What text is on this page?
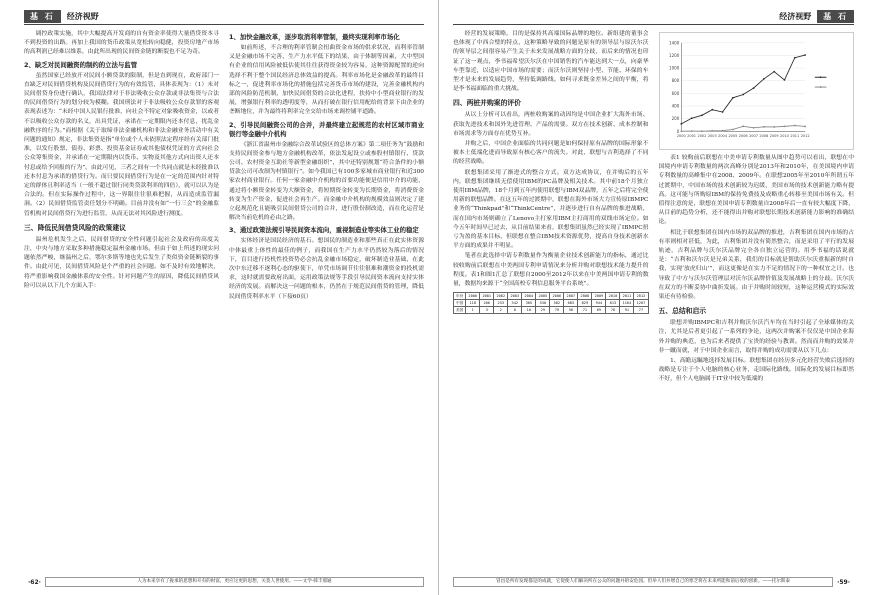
基 石	经济视野

调控政策实施，其中大幅提高开发商的自有资金率使得大量借贷资本寻不到投资的出路。再加上我国的货币政策从宽松转向稳健，投资房地产市场的高利润已经难以维系，由此所出现的民间资金链的断裂也不足为奇。

2、缺乏对民间融资的制约的立法与监管

虽然国家已经放开对民间小额贷款的限制，但是直到现在，政府部门一直缺乏对民间借贷机构及民间借贷行为的有效监管，具体表现为：（1）未对民间借贷身份进行确认，我国法律对于非法吸收公众存款或非法集资与合法的民间借贷行为的划分较为模糊。我国刑法对于非法吸收公众存款罪的客观表现表述为：“未经中国人民银行批准，向社会不特定对象吸收资金，以或者不以吸收公众存款的名义，出具凭证，承诺在一定期限内还本付息，扰乱金融秩序的行为。”而根据《关于取缔非法金融机构和非法金融业务活动中有关问题的通知》规定，非法集资是指“单位或个人未依照法定程序经有关部门批准，以发行股票、债券、彩票、投资基金证券或其他债权凭证的方式向社会公众筹集资金，并承诺在一定期限内以货币、实物及其他方式向出资人还本付息或给予回报的行为”。由此可见，三者之间有一个共同点就是未经批准以还本付息为承诺的借贷行为。而只要民间借贷行为是在一定的范围内针对特定的群体且利率适当（一般不超过银行同类贷款利率的四倍），就可以认为是合法的。但在实际操作过程中，这一界限往往很难把握，从而造成监管漏洞。（2）民间借贷监管责任划分不明确。目前并没有如“一行三会”的金融监管机构对民间借贷行为进行监管，从而无法对其风险进行测度。

三、降低民间借贷风险的政策建议

温州危机发生之后，民间借贷的安全性问题引起社会及政府的高度关注，中央与地方采取多种措施稳定温州金融市场。但由于如上所述的现实问题依然严峻，继温州之后，鄂尔多斯等地也先后发生了类似资金链断裂的事件。由此可见，民间借贷风险是个严重的社会问题。如不及时有效地解决，将严重影响我国金融体系的安全性。针对问题产生的原因，降低民间借贷风险可以从以下几个方面入手：

1、加快金融改革，逐步取消利率管制，最终实现利率市场化

如前所述，不合理的利率管制会扭曲资金市场的供求状况，而利率管制又是金融市场不完善、生产力水平低下的结果，由于体制等因素，大中型国有企业的信用风险被低估使其往往获得资金较为容易，这种资源配置的逆向选择不利于整个国民经济总体效益的提高。利率市场化是金融改革的最终目标之一，促进利率市场化的措施包括完善货币市场的建设，完善金融机构内部的风险防范机制，加快民间借贷的合法化进程，扶持中小型商业银行的发展，增强银行利率的透明度等，从而打破在银行信用配给的背景下由企业的垄断地位，并为最终将利率完全交给市场来调控铺平道路。

2、引导民间融资公司的合并，并最终建立起规范的农村区域市商业银行等金融中介机构

《浙江省温州市金融综合改革试验区的总体方案》第二项任务为“鼓励和支持民间资金参与地方金融机构改革，依法发起设立或参股村镇银行、贷款公司、农村资金互助社等新型金融组织”，其中还特别规划“符合条件的小额贷款公司可改制为村镇银行”。如今我国已有100多家城市商业银行和近300家农村商业银行。任何一家金融中介机构的首要功能便是信用中介的功能，通过将小额资金转变为大额资金，将短期资金转变为长期资金，将消费资金转变为生产资金，促进社会再生产。而金融中介机构的规模效益则决定了建立起规范化且能吸引民间借贷公司的合并，进行股份制改造，而在化运营是解决当前危机的必由之路。

3、通过政策法规引导民间资本流向，重视制造业等实体工业的稳定

实体经济是国民经济的基石。想国民的制造业和那些真正在此实体资源中体最重上体性的最佳的例子，而我国在生产力水平仍然较为落后的情况下，盲目进行投机性投资势必会抗乱金融市场稳定，破坏制造业基础，在此次中东迁移不逐利心态的驱使下，单凭市场调节往往很难和潮资金的投机需求，这时就需要政府出面，运用政策法规等手段引导民间资本流向支持实体经济的发展。而解决这一问题的根本，仍然在于规范民间借贷的管理，降低民间借贷利率水平（下接60页）

·62·	人为本来享有了拢承的思想和开有的财富，更应这更的思想，关莫人世使用。——文学·韩丰那通
经济视野	基 石

经营的发展策略，目的是保持其高端国际品牌的地位。新组建的董事会也体现了中西合璧的特点，这种策略导致的问题是原有的领导层与原沃尔沃的领导层之间很容易产生关于未来发展战略方面的分歧，而后来的情况也印证了这一观点，李书福希望沃尔沃在中国销售的汽车能达到大一点，向豪华车型靠近，以适应中国市场的需要；而沃尔沃则坚持小型、节能、环保的车型才是未来的发展趋势，坚持低调路线。如何寻求既金差异之间的平衡，将是李书福面临的重大挑战。

四、两桩并购案的评价

从以上分析可以看出，两桩收购案的动因均是中国企业扩大海外市场、获取先进技术和国外先进管理、产品的需要。双方在技术创新、成本控制和市场需求等方面存在优势互补。

并购之后，中国企业面临的共同问题是如何保持原有品牌的国际形象不被本土低端化进而导致原有核心客户的流失。对此，联想与吉利选择了不同的经营战略。

联想集团采用了渐进式的整合方式。双方达成协议，在并购后的五年内，联想集团继续无偿使用IBM的PC品牌及相关技术。其中前18个月独立使用IBM品牌，18个月到五年内使用联想与IBM双品牌，五年之后将完全使用新的联想品牌。在这五年的过渡期中，联想在海外市场大力宣传原IBMPC业务的“Thinkpad”和“ThinkCentre”，并逐步进行自有品牌的推进战略，而在国内市场则确立了Lenovo主打家用IBM主打商用的双线市场定位。如今五年时间早已过去，从目前结果来看，联想集团虽然已经实现了IBMPC扭亏为盈的基本目标，但联想在整合IBM技术资源优势，提高自身技术创新水平方面的成果并不明显。

笔者在此选择中请专利数量作为衡量企业技术创新能力的指标，通过比较收购前后联想在中美两国专利申请情况来分析并购对联想技术能力提升的程度。表1和图1汇总了联想自2000至2012年以来在中美两国申请专利的数量，数据均来源于“全国高校专利信息服务平台系统”。

年份	2000	2001	2002	2003	2004	2005	2006	2007	2008	2009	2010	2011	2012
中国	118	206	253	342	305	530	582	683	829	944	813	1164	1207
美国	1	3	2	8	10	29	79	56	71	69	78	91	77
0
200
400
600
800
1000
1200
1400
2000 2001 2002 2003 2004 2005 2006 2007 2008 2009 2010 2011 2012

表1 较购前后联想在中美申请专利数量从图中趋势可以看出，联想在中国境内申请专利数量的两次高峰分别是2013年和2010年，在美国境内申请专利数量的高峰集中在2008、2009年。在联想2005年至2010年所谓五年过渡期中，中国市场的技术创新较为迟缓，美国市场的技术创新能力略有提高。这可能与所购原IBM的保持免费技及成略重心转移至美国市场有关。但值得注意的是，联想在美国申请专利数量自2008年后一直有较大幅度下降，从目前的趋势分析，还不能得出并购对联想长期技术创新能力影响的准确结论。

相比于联想集团在国内市场的双品牌的推进，吉利集团在国内市场的占有率则相对甚低，为此，吉利集团并没有简然整合，而是采用了平行的发展轨迹，吉利品牌与沃尔沃品牌完全各自独立运营的。用李书福的话说就是：“吉利和沃尔沃是兄弟关系，我们的目标就是帮助沃尔沃重振新的时自我，实现‘放虎归山’”，而这更像是在实力不足的情况下的一种权宜之计。也导致了中方与沃尔沃管理层对沃尔沃品牌价值及发展战略上的分歧。沃尔沃在双方的不断妥协中曲折发展。由于并购时间较短，这种运营模式的实际效果还有待检验。

五、总结和启示

联想并购IBMPC和吉利并购沃尔沃汽车均在当时引起了全球媒体的关注，尤其是后者更引起了一系列的争论，这两次并购案不仅仅是中国企业海外并购的典范，也为后来者提供了宝贵的经验与教训。然而而并购的效果并非一蹴而就，对于中国企业而言，取得并购的成功需要从以下几点：

1、高瞻远瞩地选择发展目标。联想集团在经历多元化经营失败后选择的战略是专注于个人电脑的核心业务，走国际化路线。国际化的发展目标即然不好，但个人电脑属于IT业中较为低端的

冒昌是所有发现都是的成就，它促使人们解决所在公众的问题并的安危园。但举人们并增自己的寒乏将在未来所能和前后收的创新。——托尔斯泰	·59·
